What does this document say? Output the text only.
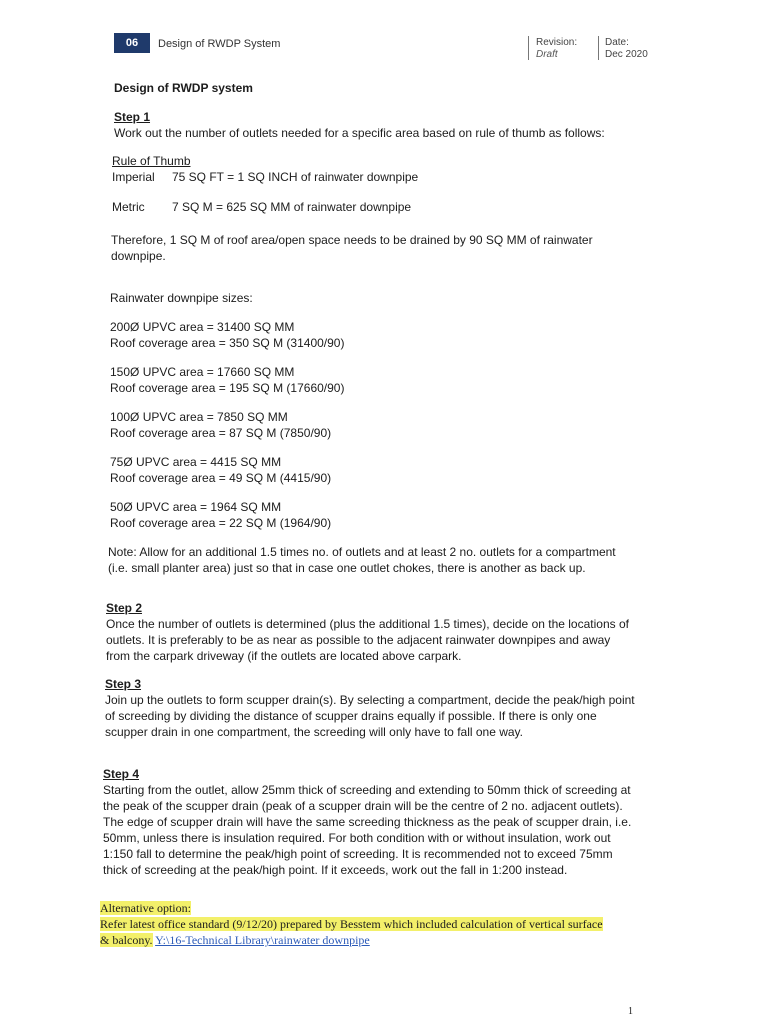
06	Design of RWDP System	Revision:
Draft
Date:
Dec 2020
Design of RWDP system
Step 1

Work out the number of outlets needed for a specific area based on rule of thumb as follows:

Rule of Thumb
Imperial 75 SQ FT = 1 SQ INCH of rainwater downpipe
Metric 7 SQ M = 625 SQ MM of rainwater downpipe
Therefore, 1 SQ M of roof area/open space needs to be drained by 90 SQ MM of rainwater downpipe.
Rainwater downpipe sizes:
200Ø UPVC area = 31400 SQ MM
Roof coverage area = 350 SQ M (31400/90)
150Ø UPVC area = 17660 SQ MM
Roof coverage area = 195 SQ M (17660/90)
100Ø UPVC area = 7850 SQ MM
Roof coverage area = 87 SQ M (7850/90)
75Ø UPVC area = 4415 SQ MM
Roof coverage area = 49 SQ M (4415/90)
50Ø UPVC area = 1964 SQ MM
Roof coverage area = 22 SQ M (1964/90)
Note: Allow for an additional 1.5 times no. of outlets and at least 2 no. outlets for a compartment (i.e. small planter area) just so that in case one outlet chokes, there is another as back up.
Step 2

Once the number of outlets is determined (plus the additional 1.5 times), decide on the locations of outlets. It is preferably to be as near as possible to the adjacent rainwater downpipes and away from the carpark driveway (if the outlets are located above carpark.

Step 3

Join up the outlets to form scupper drain(s). By selecting a compartment, decide the peak/high point of screeding by dividing the distance of scupper drains equally if possible. If there is only one scupper drain in one compartment, the screeding will only have to fall one way.

Step 4

Starting from the outlet, allow 25mm thick of screeding and extending to 50mm thick of screeding at the peak of the scupper drain (peak of a scupper drain will be the centre of 2 no. adjacent outlets). The edge of scupper drain will have the same screeding thickness as the peak of scupper drain, i.e. 50mm, unless there is insulation required. For both condition with or without insulation, work out 1:150 fall to determine the peak/high point of screeding. It is recommended not to exceed 75mm thick of screeding at the peak/high point. If it exceeds, work out the fall in 1:200 instead.

Alternative option:
Refer latest office standard (9/12/20) prepared by Besstem which included calculation of vertical surface & balcony. Y:\16-Technical Library\rainwater downpipe
1
